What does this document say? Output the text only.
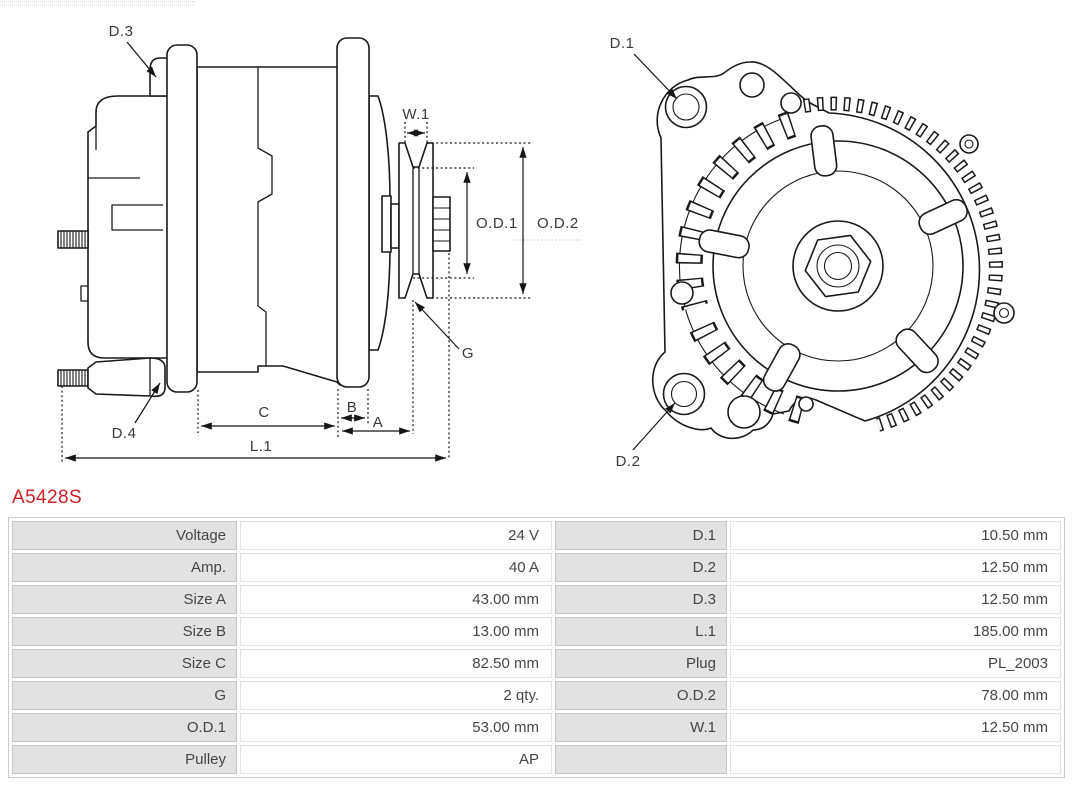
D.3
W.1
O.D.1 O.D.2
G
D.4
C	B
A
L.1
D.1
D.2
A5428S
Voltage	24 V	D.1	10.50 mm
Amp.	40 A	D.2	12.50 mm
Size A	43.00 mm	D.3	12.50 mm
Size B	13.00 mm	L.1	185.00 mm
Size C	82.50 mm	Plug	PL_2003
G	2 qty.	O.D.2	78.00 mm
O.D.1	53.00 mm	W.1	12.50 mm
Pulley	AP		
